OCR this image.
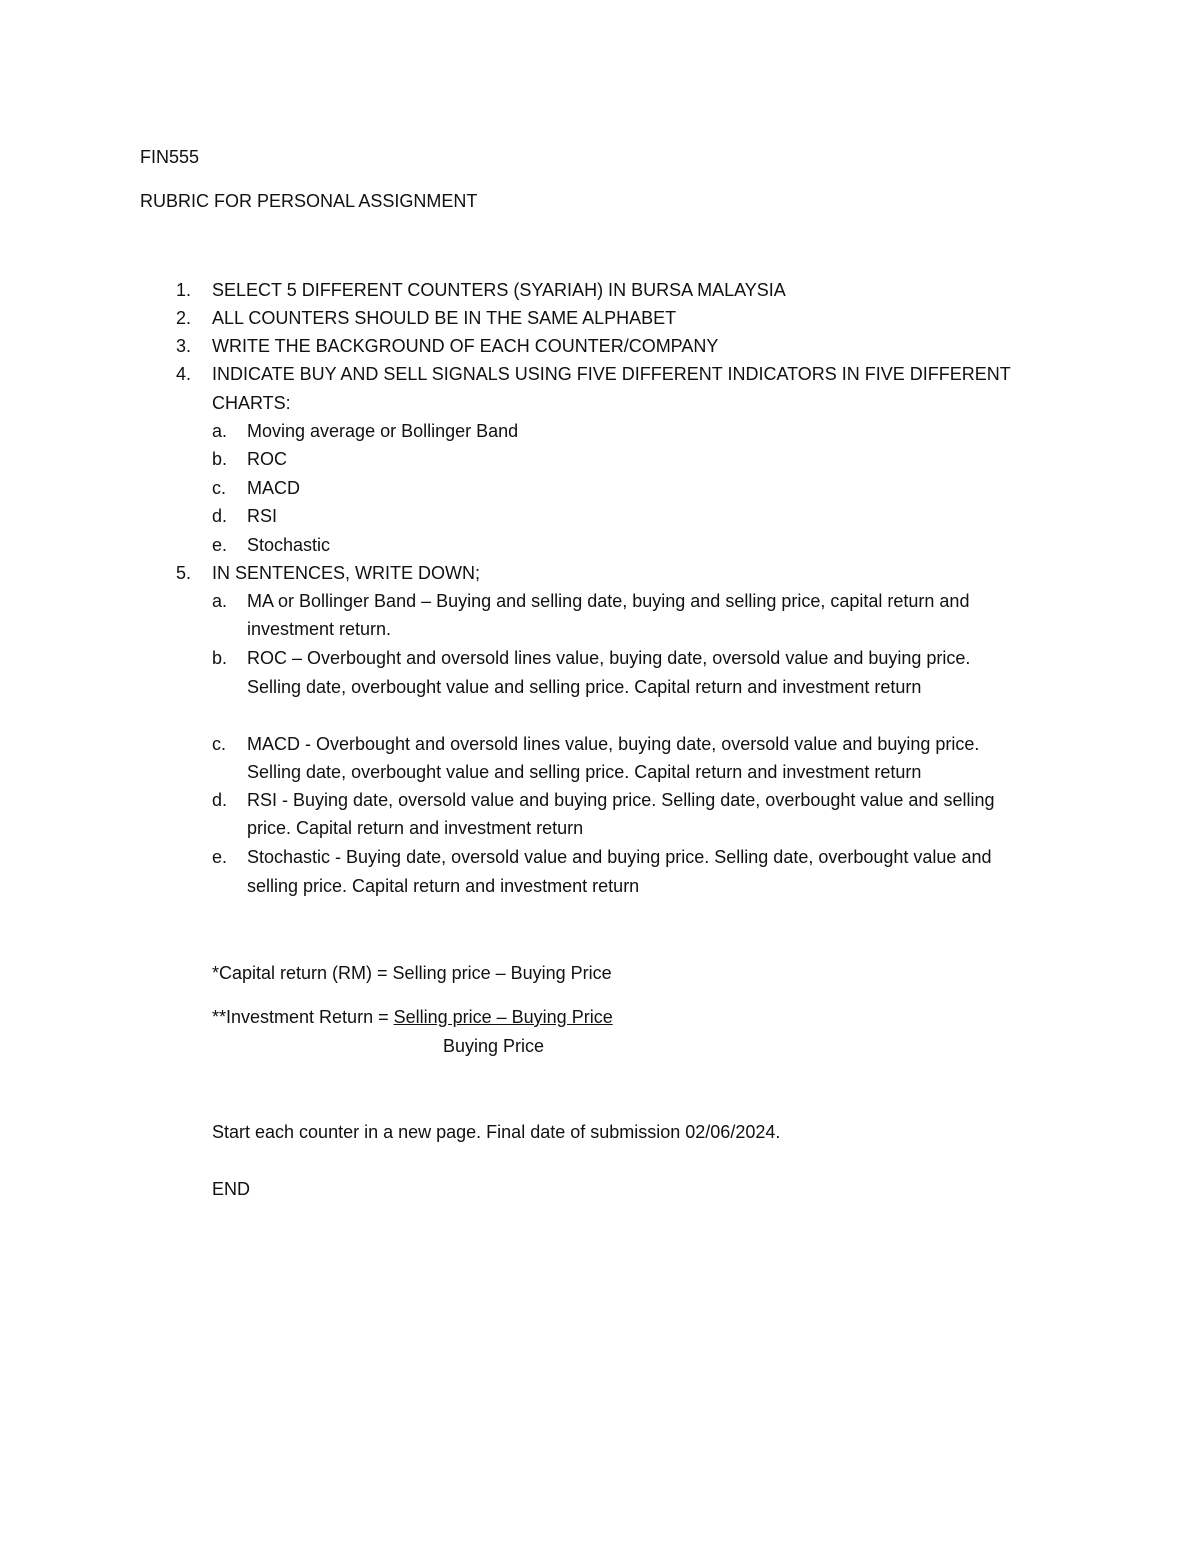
FIN555
RUBRIC FOR PERSONAL ASSIGNMENT
1. SELECT 5 DIFFERENT COUNTERS (SYARIAH) IN BURSA MALAYSIA
2. ALL COUNTERS SHOULD BE IN THE SAME ALPHABET
3. WRITE THE BACKGROUND OF EACH COUNTER/COMPANY
4. INDICATE BUY AND SELL SIGNALS USING FIVE DIFFERENT INDICATORS IN FIVE DIFFERENT
CHARTS:
a. Moving average or Bollinger Band
b. ROC
c. MACD
d. RSI
e. Stochastic
5. IN SENTENCES, WRITE DOWN;
a. MA or Bollinger Band – Buying and selling date, buying and selling price, capital return and
investment return.
b. ROC – Overbought and oversold lines value, buying date, oversold value and buying price.
Selling date, overbought value and selling price. Capital return and investment return
c. MACD - Overbought and oversold lines value, buying date, oversold value and buying price.
Selling date, overbought value and selling price. Capital return and investment return
d. RSI - Buying date, oversold value and buying price. Selling date, overbought value and selling
price. Capital return and investment return
e. Stochastic - Buying date, oversold value and buying price. Selling date, overbought value and
selling price. Capital return and investment return
*Capital return (RM) = Selling price – Buying Price
**Investment Return = Selling price – Buying Price
Buying Price
Start each counter in a new page. Final date of submission 02/06/2024.
END
